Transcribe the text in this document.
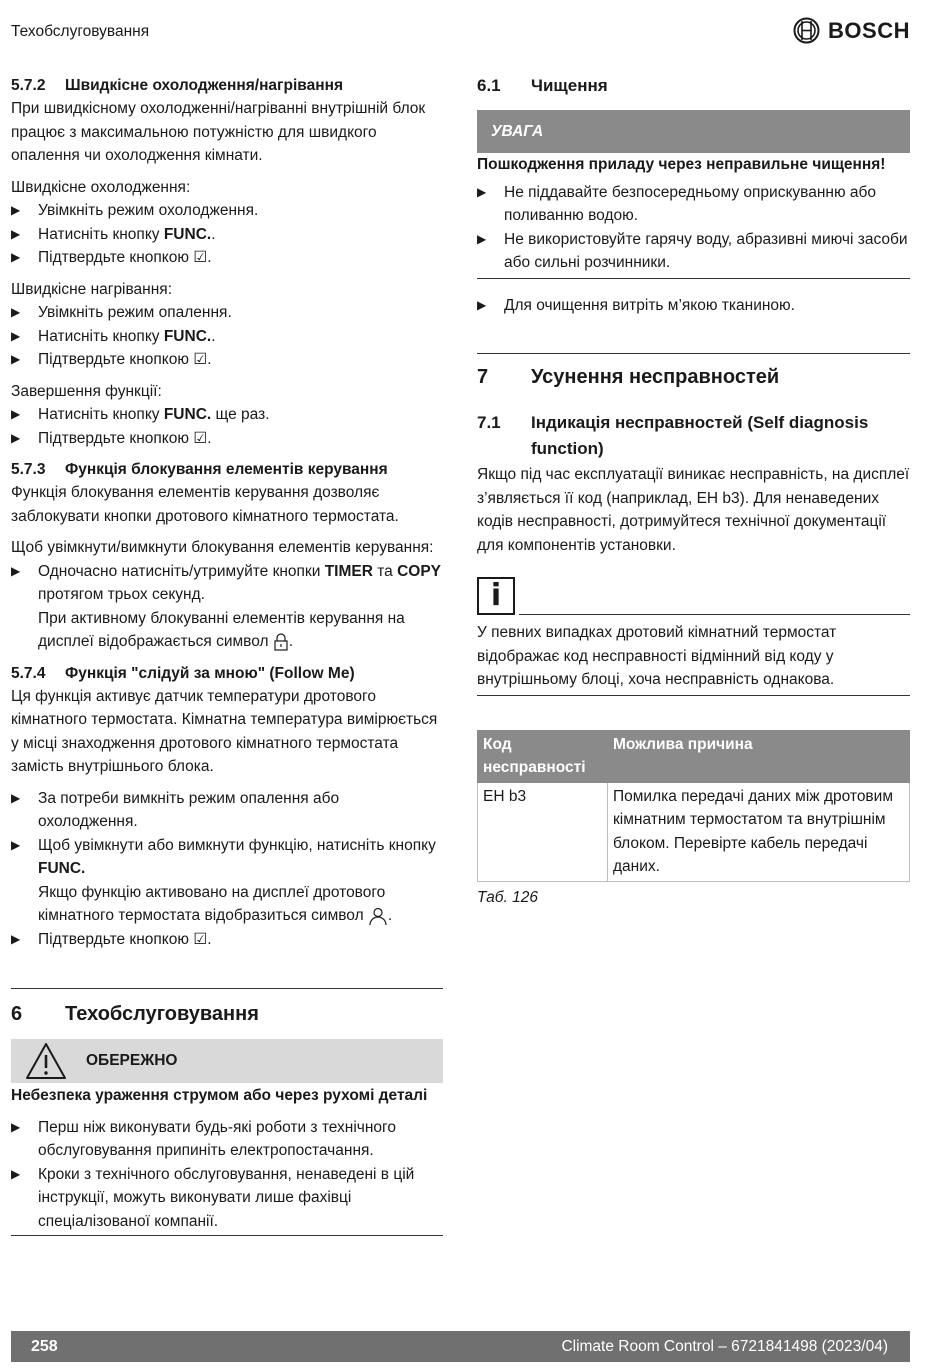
Техобслуговування	BOSCH
5.7.2	Швидкісне охолодження/нагрівання

При швидкісному охолодженні/нагріванні внутрішній блок працює з максимальною потужністю для швидкого опалення чи охолодження кімнати.

Швидкісне охолодження:

▶	Увімкніть режим охолодження.
▶	Натисніть кнопку FUNC..
▶	Підтвердьте кнопкою ☑.

Швидкісне нагрівання:

▶	Увімкніть режим опалення.
▶	Натисніть кнопку FUNC..
▶	Підтвердьте кнопкою ☑.

Завершення функції:

▶	Натисніть кнопку FUNC. ще раз.
▶	Підтвердьте кнопкою ☑.
5.7.3	Функція блокування елементів керування

Функція блокування елементів керування дозволяє заблокувати кнопки дротового кімнатного термостата.

Щоб увімкнути/вимкнути блокування елементів керування:

▶	Одночасно натисніть/утримуйте кнопки TIMER та COPY протягом трьох секунд.
При активному блокуванні елементів керування на дисплеї відображається символ .
5.7.4	Функція "слідуй за мною" (Follow Me)

Ця функція активує датчик температури дротового кімнатного термостата. Кімнатна температура вимірюється у місці знаходження дротового кімнатного термостата замість внутрішнього блока.

▶	За потреби вимкніть режим опалення або охолодження.
▶	Щоб увімкнути або вимкнути функцію, натисніть кнопку FUNC.
Якщо функцію активовано на дисплеї дротового кімнатного термостата відобразиться символ .
▶	Підтвердьте кнопкою ☑.
6	Техобслуговування
ОБЕРЕЖНО

Небезпека ураження струмом або через рухомі деталі

▶	Перш ніж виконувати будь-які роботи з технічного обслуговування припиніть електропостачання.
▶	Кроки з технічного обслуговування, ненаведені в цій інструкції, можуть виконувати лише фахівці спеціалізованої компанії.
6.1	Чищення
УВАГА

Пошкодження приладу через неправильне чищення!

▶	Не піддавайте безпосередньому оприскуванню або поливанню водою.
▶	Не використовуйте гарячу воду, абразивні миючі засоби або сильні розчинники.
▶	Для очищення витріть м’якою тканиною.
7	Усунення несправностей
7.1	Індикація несправностей (Self diagnosis function)

Якщо під час експлуатації виникає несправність, на дисплеї з’являється її код (наприклад, EH b3). Для ненаведених кодів несправності, дотримуйтеся технічної документації для компонентів установки.

i

У певних випадках дротовий кімнатний термостат відображає код несправності відмінний від коду у внутрішньому блоці, хоча несправність однакова.

Код несправності	Можлива причина
EH b3	Помилка передачі даних між дротовим кімнатним термостатом та внутрішнім блоком. Перевірте кабель передачі даних.

Таб. 126

258	Climate Room Control – 6721841498 (2023/04)
